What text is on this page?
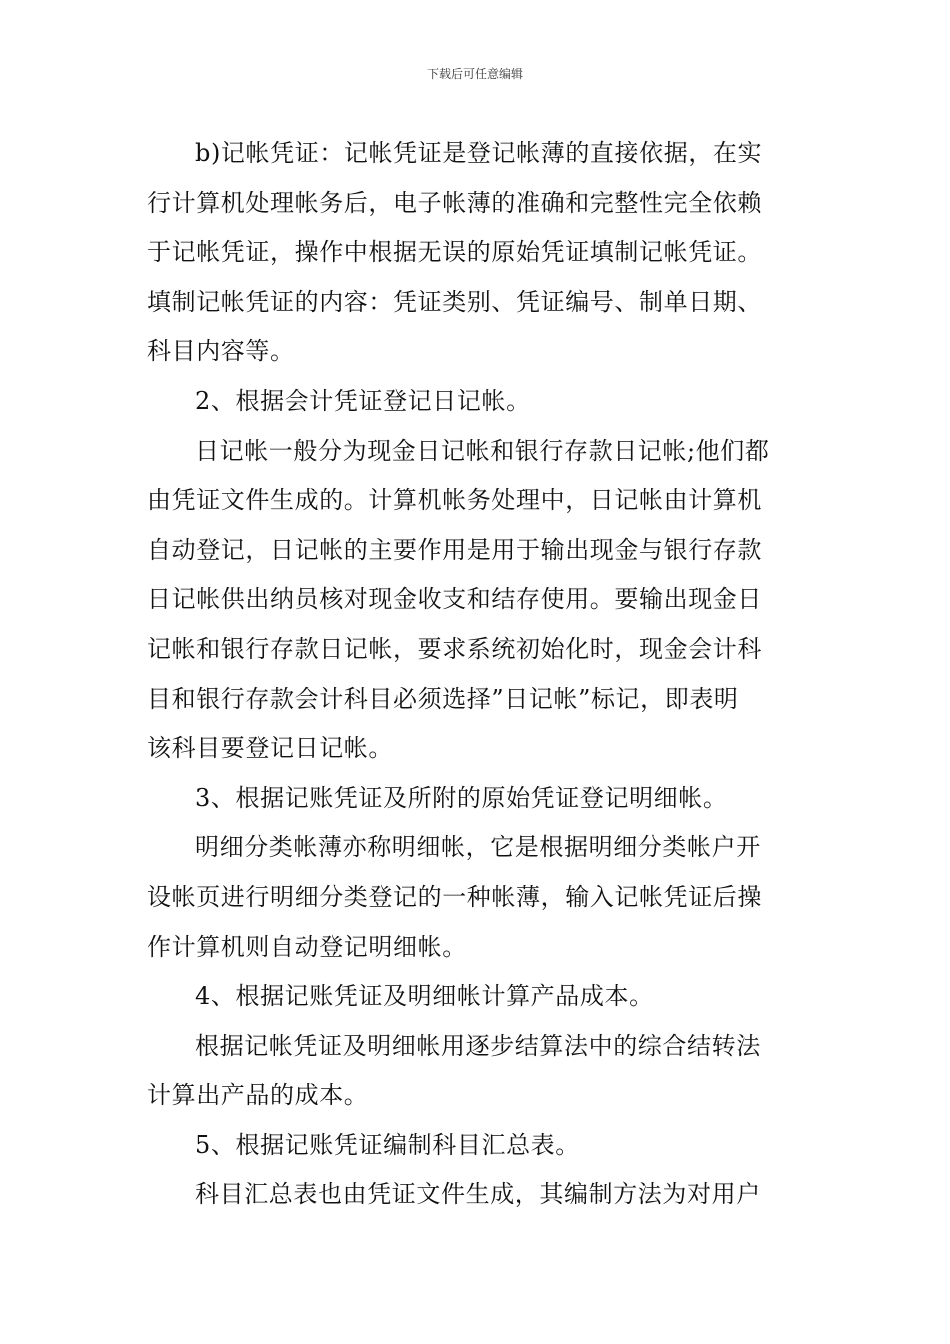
下载后可任意编辑
b)记帐凭证：记帐凭证是登记帐薄的直接依据，在实
行计算机处理帐务后，电子帐薄的准确和完整性完全依赖
于记帐凭证，操作中根据无误的原始凭证填制记帐凭证。
填制记帐凭证的内容：凭证类别、凭证编号、制单日期、
科目内容等。
2、根据会计凭证登记日记帐。
日记帐一般分为现金日记帐和银行存款日记帐;他们都
由凭证文件生成的。计算机帐务处理中，日记帐由计算机
自动登记，日记帐的主要作用是用于输出现金与银行存款
日记帐供出纳员核对现金收支和结存使用。要输出现金日
记帐和银行存款日记帐，要求系统初始化时，现金会计科
目和银行存款会计科目必须选择”日记帐”标记，即表明
该科目要登记日记帐。
3、根据记账凭证及所附的原始凭证登记明细帐。
明细分类帐薄亦称明细帐，它是根据明细分类帐户开
设帐页进行明细分类登记的一种帐薄，输入记帐凭证后操
作计算机则自动登记明细帐。
4、根据记账凭证及明细帐计算产品成本。
根据记帐凭证及明细帐用逐步结算法中的综合结转法
计算出产品的成本。
5、根据记账凭证编制科目汇总表。
科目汇总表也由凭证文件生成，其编制方法为对用户
